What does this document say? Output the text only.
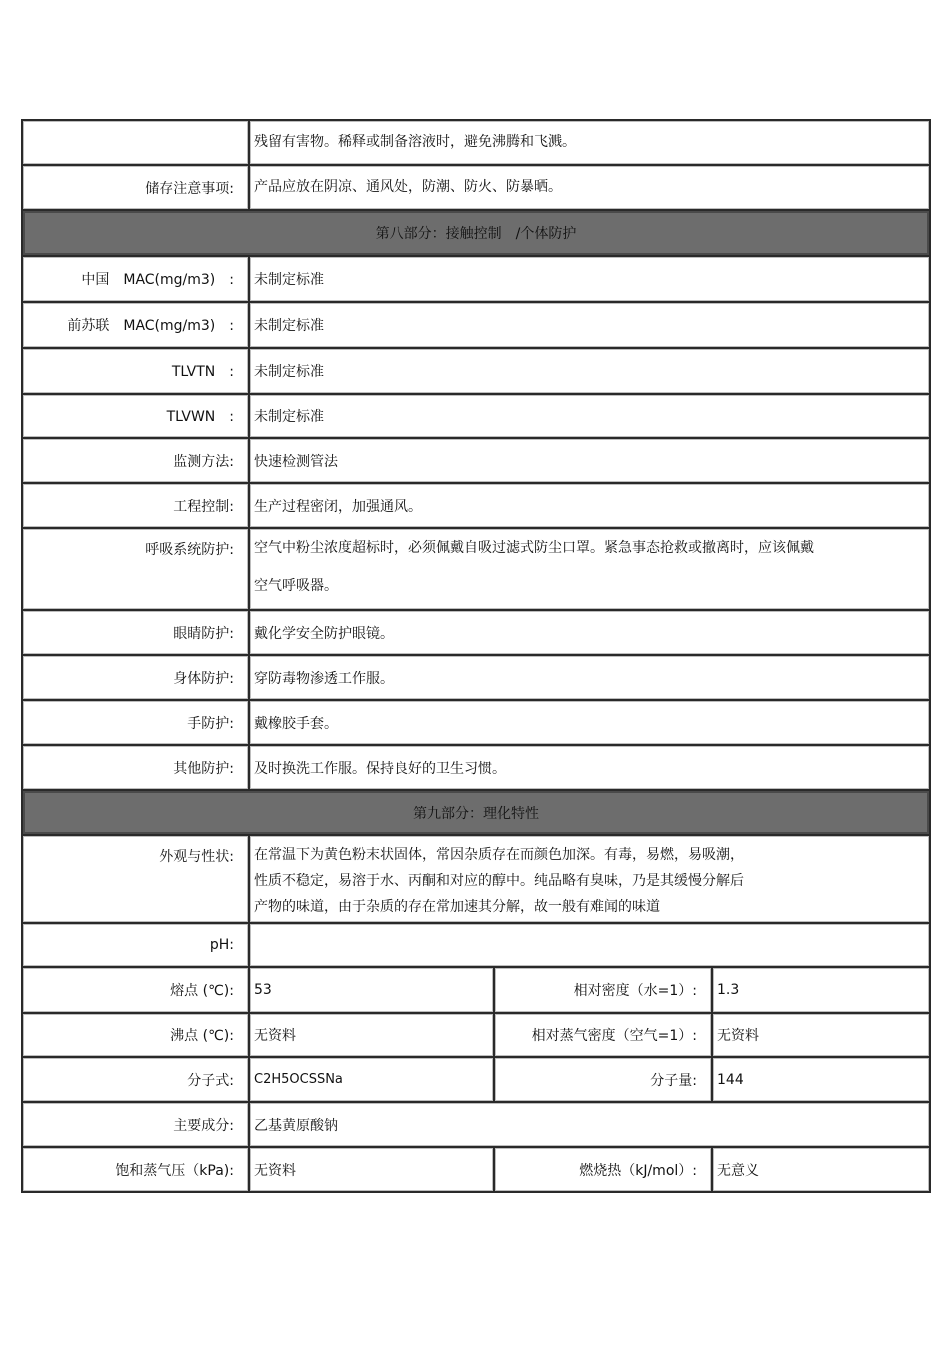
	残留有害物。稀释或制备溶液时，避免沸腾和飞溅。		
储存注意事项:	产品应放在阴凉、通风处，防潮、防火、防暴晒。		
第八部分：接触控制　/个体防护			
中国　MAC(mg/m3)　:	未制定标准		
前苏联　MAC(mg/m3)　:	未制定标准		
TLVTN　:	未制定标准		
TLVWN　:	未制定标准		
监测方法:	快速检测管法		
工程控制:	生产过程密闭，加强通风。		
呼吸系统防护:	空气中粉尘浓度超标时，必须佩戴自吸过滤式防尘口罩。紧急事态抢救或撤离时，应该佩戴
空气呼吸器。		

眼睛防护:	戴化学安全防护眼镜。		
身体防护:	穿防毒物渗透工作服。		
手防护:	戴橡胶手套。		
其他防护:	及时换洗工作服。保持良好的卫生习惯。		
第九部分：理化特性			
外观与性状:	在常温下为黄色粉末状固体，常因杂质存在而颜色加深。有毒，易燃，易吸潮，
性质不稳定，易溶于水、丙酮和对应的醇中。纯品略有臭味，乃是其缓慢分解后
产物的味道，由于杂质的存在常加速其分解，故一般有难闻的味道		

pH:			
熔点 (℃):	53	相对密度（水=1）:	1.3
沸点 (℃):	无资料	相对蒸气密度（空气=1）:	无资料
分子式:	C2H5OCSSNa	分子量:	144
主要成分:	乙基黄原酸钠		
饱和蒸气压（kPa):	无资料	燃烧热（kJ/mol）:	无意义
